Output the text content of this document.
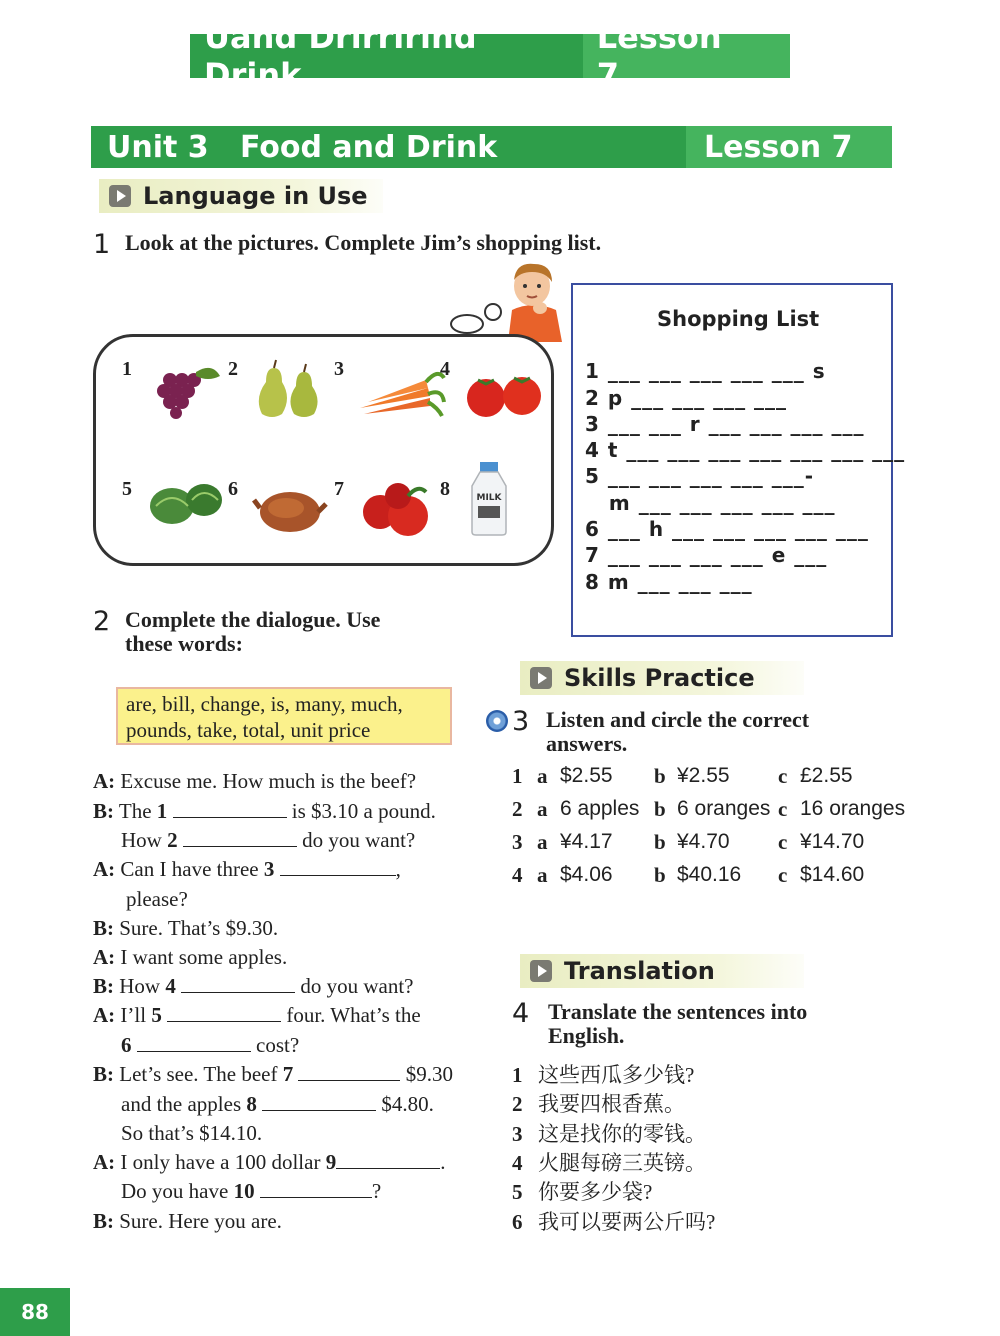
Uand Drirrirınd Drink
Lesson 7
Unit 3   Food and Drink	Lesson 7
Language in Use
1 Look at the pictures. Complete Jim’s shopping list.
1	2	3	4
5	6	7	8	MILK
Shopping List
1 ___ ___ ___ ___ ___ s
2 p ___ ___ ___ ___
3 ___ ___ r ___ ___ ___ ___
4 t ___ ___ ___ ___ ___ ___ ___
5 ___ ___ ___ ___ ___-
m ___ ___ ___ ___ ___
6 ___ h ___ ___ ___ ___ ___
7 ___ ___ ___ ___ e ___
8 m ___ ___ ___
2 Complete the dialogue. Use
these words:
are, bill, change, is, many, much,
pounds, take, total, unit price
A: Excuse me. How much is the beef?
B: The 1	is $3.10 a pound.
How 2	do you want?
A: Can I have three 3	,
please?
B: Sure. That’s $9.30.
A: I want some apples.
B: How 4	do you want?
A: I’ll 5	four. What’s the
6	cost?
B: Let’s see. The beef 7	$9.30
and the apples 8	$4.80.
So that’s $14.10.
A: I only have a 100 dollar 9	.
Do you have 10	?
B: Sure. Here you are.
Skills Practice
3 Listen and circle the correct
answers.
1 a $2.55 b ¥2.55 c £2.55
2 a 6 apples b 6 oranges c 16 oranges
3 a ¥4.17 b ¥4.70 c ¥14.70
4 a $4.06 b $40.16 c $14.60
Translation
4 Translate the sentences into
English.
1 这些西瓜多少钱?
2 我要四根香蕉。
3 这是找你的零钱。
4 火腿每磅三英镑。
5 你要多少袋?
6 我可以要两公斤吗?
88
